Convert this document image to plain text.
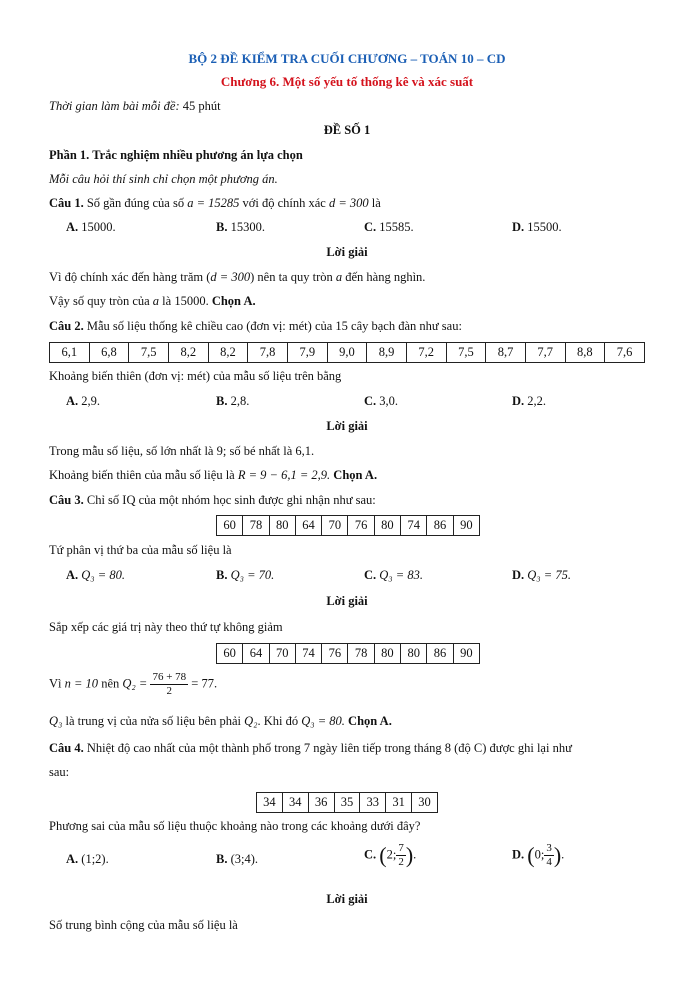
BỘ 2 ĐỀ KIỂM TRA CUỐI CHƯƠNG – TOÁN 10 – CD
Chương 6. Một số yếu tố thống kê và xác suất
Thời gian làm bài mỗi đề: 45 phút
ĐỀ SỐ 1
Phần 1. Trắc nghiệm nhiều phương án lựa chọn
Mỗi câu hỏi thí sinh chỉ chọn một phương án.
Câu 1. Số gần đúng của số a = 15285 với độ chính xác d = 300 là
A. 15000.	B. 15300.	C. 15585.	D. 15500.
Lời giải
Vì độ chính xác đến hàng trăm (d = 300) nên ta quy tròn a đến hàng nghìn.
Vậy số quy tròn của a là 15000. Chọn A.
Câu 2. Mẫu số liệu thống kê chiều cao (đơn vị: mét) của 15 cây bạch đàn như sau:
6,1	6,8	7,5	8,2	8,2	7,8	7,9	9,0	8,9	7,2	7,5	8,7	7,7	8,8	7,6
Khoảng biến thiên (đơn vị: mét) của mẫu số liệu trên bằng
A. 2,9.	B. 2,8.	C. 3,0.	D. 2,2.
Lời giải
Trong mẫu số liệu, số lớn nhất là 9; số bé nhất là 6,1.
Khoảng biến thiên của mẫu số liệu là R = 9 − 6,1 = 2,9. Chọn A.
Câu 3. Chỉ số IQ của một nhóm học sinh được ghi nhận như sau:
60	78	80	64	70	76	80	74	86	90
Tứ phân vị thứ ba của mẫu số liệu là
A. Q₃ = 80.	B. Q₃ = 70.	C. Q₃ = 83.	D. Q₃ = 75.
Lời giải
Sắp xếp các giá trị này theo thứ tự không giảm
60	64	70	74	76	78	80	80	86	90
Vì n = 10 nên $Q_2 = \frac{76 + 78}{2} = 77$.
Q₃ là trung vị của nửa số liệu bên phải Q₂. Khi đó Q₃ = 80. Chọn A.
Câu 4. Nhiệt độ cao nhất của một thành phố trong 7 ngày liên tiếp trong tháng 8 (độ C) được ghi lại như
sau:
34	34	36	35	33	31	30
Phương sai của mẫu số liệu thuộc khoảng nào trong các khoảng dưới đây?
A. (1;2).	B. (3;4).	C. (2; $\frac{7}{2}$ ).	D. (0; $\frac{3}{4}$ ).
Lời giải
Số trung bình cộng của mẫu số liệu là
